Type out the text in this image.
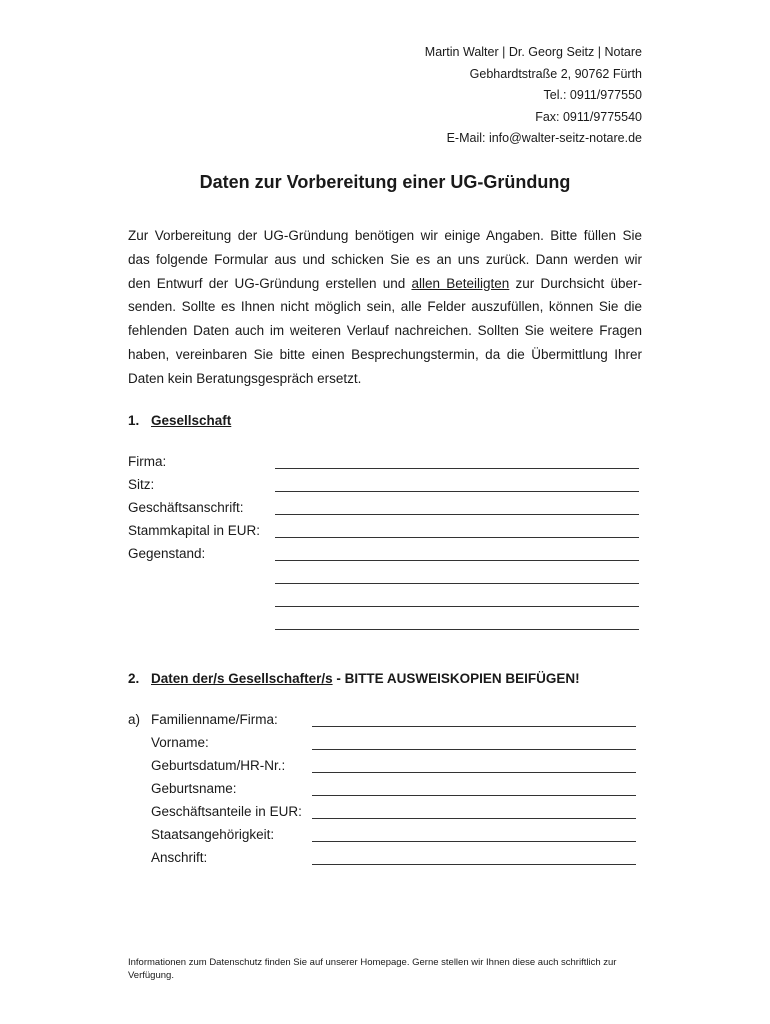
Martin Walter | Dr. Georg Seitz | Notare
Gebhardtstraße 2, 90762 Fürth
Tel.: 0911/977550
Fax: 0911/9775540
E-Mail: info@walter-seitz-notare.de
Daten zur Vorbereitung einer UG-Gründung
Zur Vorbereitung der UG-Gründung benötigen wir einige Angaben. Bitte füllen Sie
das folgende Formular aus und schicken Sie es an uns zurück. Dann werden wir
den Entwurf der UG-Gründung erstellen und allen Beteiligten zur Durchsicht über-
senden. Sollte es Ihnen nicht möglich sein, alle Felder auszufüllen, können Sie die
fehlenden Daten auch im weiteren Verlauf nachreichen. Sollten Sie weitere Fragen
haben, vereinbaren Sie bitte einen Besprechungstermin, da die Übermittlung Ihrer
Daten kein Beratungsgespräch ersetzt.
1. Gesellschaft
Firma:
Sitz:
Geschäftsanschrift:
Stammkapital in EUR:
Gegenstand:
2. Daten der/s Gesellschafter/s - BITTE AUSWEISKOPIEN BEIFÜGEN!
a) Familienname/Firma:
Vorname:
Geburtsdatum/HR-Nr.:
Geburtsname:
Geschäftsanteile in EUR:
Staatsangehörigkeit:
Anschrift:
Informationen zum Datenschutz finden Sie auf unserer Homepage. Gerne stellen wir Ihnen diese auch schriftlich zur Verfügung.
